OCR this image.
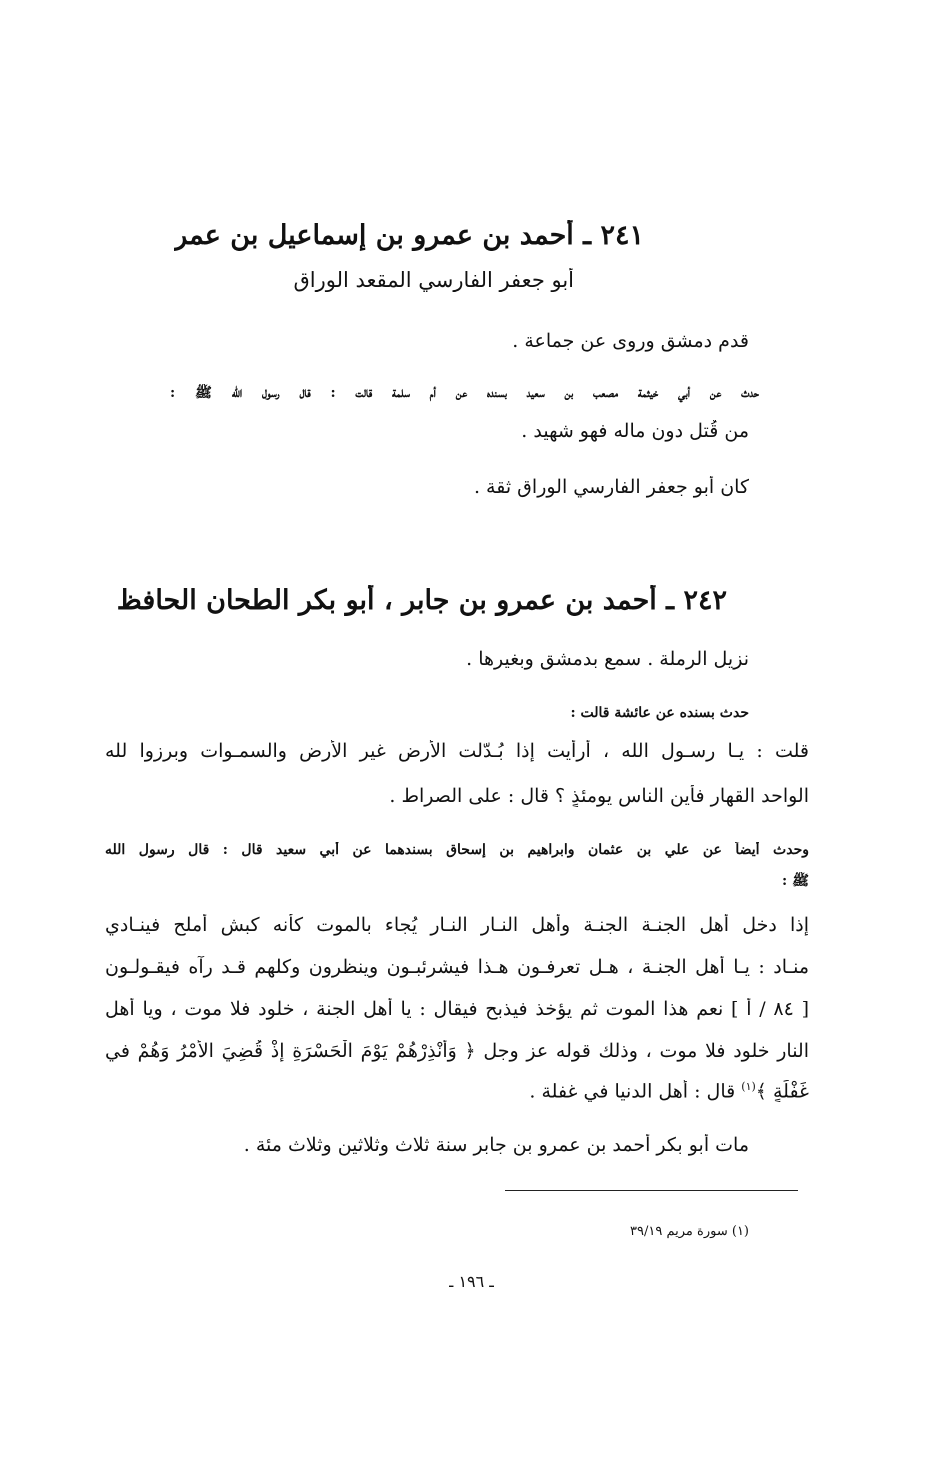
٢٤١ ـ أحمد بن عمرو بن إسماعيل بن عمر
أبو جعفر الفارسي المقعد الوراق
قدم دمشق وروى عن جماعة .
حدث عن أبي خيثمة مصعب بن سعيد بسنده عن أم سلمة قالت : قال رسول الله ﷺ :
من قُتل دون ماله فهو شهيد .
كان أبو جعفر الفارسي الوراق ثقة .
٢٤٢ ـ أحمد بن عمرو بن جابر ، أبو بكر الطحان الحافظ
نزيل الرملة . سمع بدمشق وبغيرها .
حدث بسنده عن عائشة قالت :
قلت : يـا رسـول الله ، أرأيت إذا بُـدّلت الأرض غير الأرض والسمـوات وبرزوا لله
الواحد القهار فأين الناس يومئذٍ ؟ قال : على الصراط .
وحدث أيضاً عن علي بن عثمان وابراهيم بن إسحاق بسندهما عن أبي سعيد قال : قال رسول الله
ﷺ :
إذا دخل أهل الجنـة الجنـة وأهل النـار النـار يُجاء بالموت كأنه كبش أملح فينـادي
منـاد : يـا أهل الجنـة ، هـل تعرفـون هـذا فيشرئبـون وينظرون وكلهم قـد رآه فيقـولـون
[ ٨٤ / أ ] نعم هذا الموت ثم يؤخذ فيذبح فيقال : يا أهل الجنة ، خلود فلا موت ، ويا أهل
النار خلود فلا موت ، وذلك قوله عز وجل ﴿ وَأَنْذِرْهُمْ يَوْمَ الْحَسْرَةِ إِذْ قُضِيَ الأَمْرُ وَهُمْ في
غَفْلَةٍ ﴾$^{(١)}$ قال : أهل الدنيا في غفلة .
مات أبو بكر أحمد بن عمرو بن جابر سنة ثلاث وثلاثين وثلاث مئة .
(١) سورة مريم ٣٩/١٩
ـ ١٩٦ ـ
